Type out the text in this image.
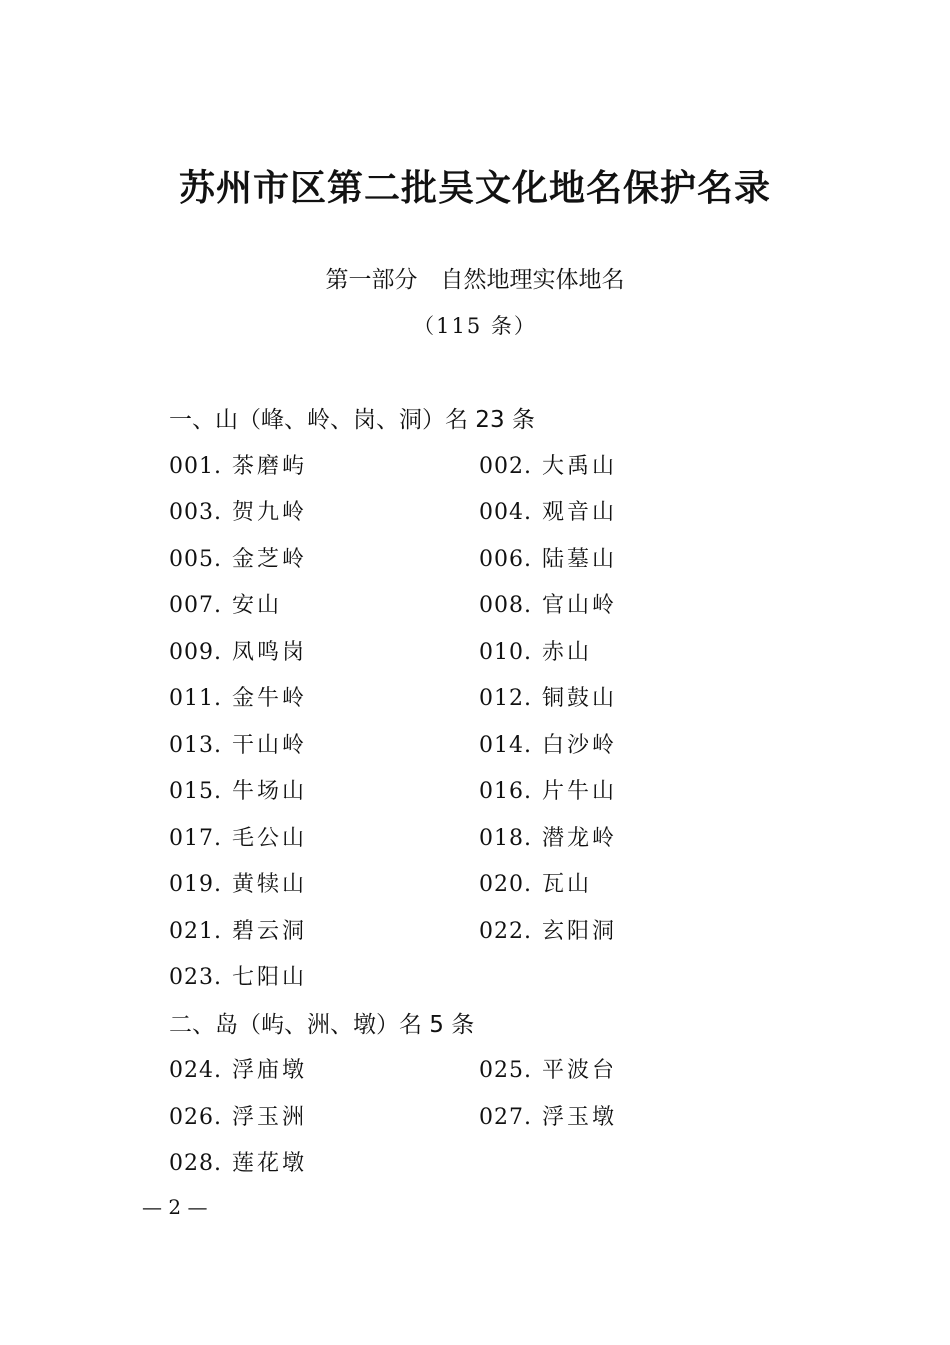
苏州市区第二批吴文化地名保护名录
第一部分　自然地理实体地名
（115 条）
一、山（峰、岭、岗、洞）名 23 条
001. 茶磨屿	002. 大禹山
003. 贺九岭	004. 观音山
005. 金芝岭	006. 陆墓山
007. 安山	008. 官山岭
009. 凤鸣岗	010. 赤山
011. 金牛岭	012. 铜鼓山
013. 干山岭	014. 白沙岭
015. 牛场山	016. 片牛山
017. 毛公山	018. 潜龙岭
019. 黄犊山	020. 瓦山
021. 碧云洞	022. 玄阳洞
023. 七阳山
二、岛（屿、洲、墩）名 5 条
024. 浮庙墩	025. 平波台
026. 浮玉洲	027. 浮玉墩
028. 莲花墩
— 2 —
